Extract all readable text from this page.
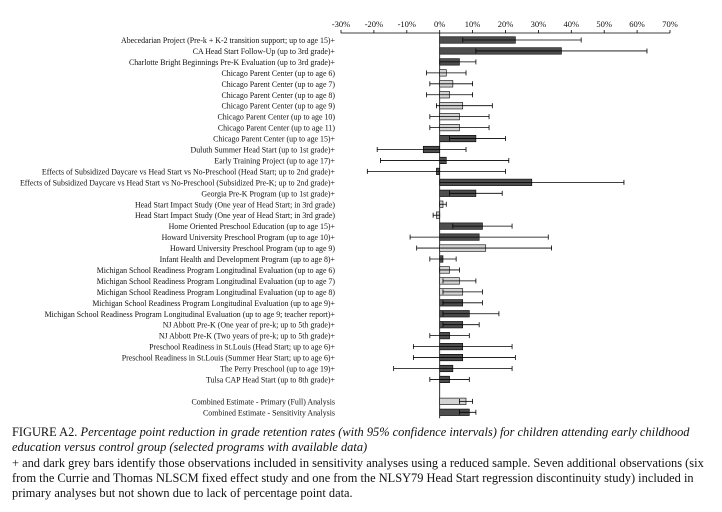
-30% -20% -10% 0% 10% 20% 30% 40% 50% 60% 70%
Abecedarian Project (Pre-k + K-2 transition support; up to age 15)+
CA Head Start Follow-Up (up to 3rd grade)+
Charlotte Bright Beginnings Pre-K Evaluation (up to 3rd grade)+
Chicago Parent Center (up to age 6)
Chicago Parent Center (up to age 7)
Chicago Parent Center (up to age 8)
Chicago Parent Center (up to age 9)
Chicago Parent Center (up to age 10)
Chicago Parent Center (up to age 11)
Chicago Parent Center (up to age 15)+
Duluth Summer Head Start (up to 1st grade)+
Early Training Project (up to age 17)+
Effects of Subsidized Daycare vs Head Start vs No-Preschool (Head Start; up to 2nd grade)+
Effects of Subsidized Daycare vs Head Start vs No-Preschool (Subsidized Pre-K; up to 2nd grade)+
Georgia Pre-K Program (up to 1st grade)+
Head Start Impact Study (One year of Head Start; in 3rd grade)
Head Start Impact Study (One year of Head Start; in 3rd grade)
Home Oriented Preschool Education (up to age 15)+
Howard University Preschool Program (up to age 10)+
Howard University Preschool Program (up to age 9)
Infant Health and Development Program (up to age 8)+
Michigan School Readiness Program Longitudinal Evaluation (up to age 6)
Michigan School Readiness Program Longitudinal Evaluation (up to age 7)
Michigan School Readiness Program Longitudinal Evaluation (up to age 8)
Michigan School Readiness Program Longitudinal Evaluation (up to age 9)+
Michigan School Readiness Program Longitudinal Evaluation (up to age 9; teacher report)+
NJ Abbott Pre-K (One year of pre-k; up to 5th grade)+
NJ Abbott Pre-K (Two years of pre-k; up to 5th grade)+
Preschool Readiness in St.Louis (Head Start; up to age 6)+
Preschool Readiness in St.Louis (Summer Hear Start; up to age 6)+
The Perry Preschool (up to age 19)+
Tulsa CAP Head Start (up to 8th grade)+
Combined Estimate - Primary (Full) Analysis
Combined Estimate - Sensitivity Analysis
FIGURE A2. Percentage point reduction in grade retention rates (with 95% confidence intervals) for children attending early childhood education versus control group (selected programs with available data)
+ and dark grey bars identify those observations included in sensitivity analyses using a reduced sample. Seven additional observations (six from the Currie and Thomas NLSCM fixed effect study and one from the NLSY79 Head Start regression discontinuity study) included in primary analyses but not shown due to lack of percentage point data.
